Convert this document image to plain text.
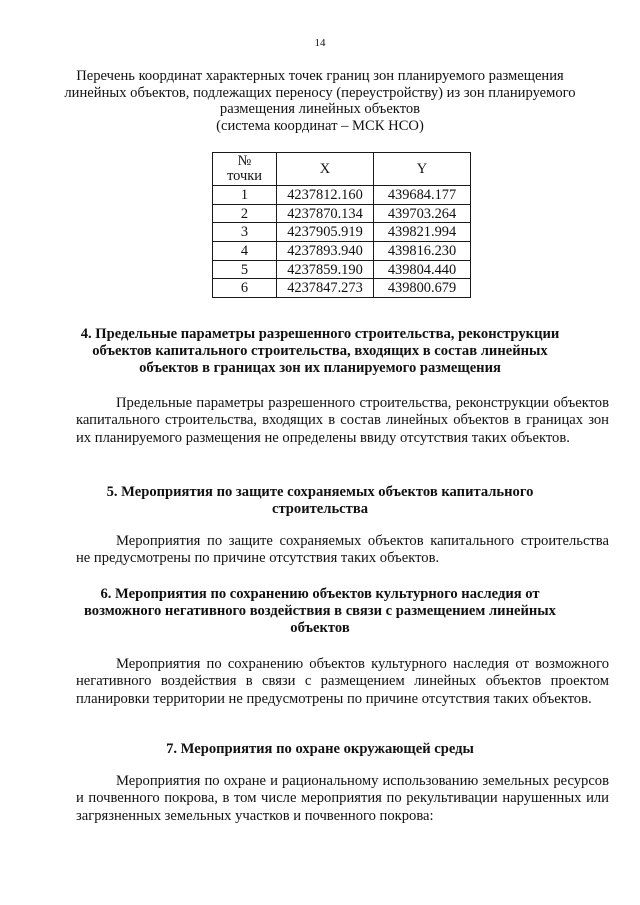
14
Перечень координат характерных точек границ зон планируемого размещения
линейных объектов, подлежащих переносу (переустройству) из зон планируемого
размещения линейных объектов
(система координат – МСК НСО)
№
точки	X	Y
1	4237812.160	439684.177
2	4237870.134	439703.264
3	4237905.919	439821.994
4	4237893.940	439816.230
5	4237859.190	439804.440
6	4237847.273	439800.679
4. Предельные параметры разрешенного строительства, реконструкции
объектов капитального строительства, входящих в состав линейных
объектов в границах зон их планируемого размещения

Предельные параметры разрешенного строительства, реконструкции объектов капитального строительства, входящих в состав линейных объектов в границах зон их планируемого размещения не определены ввиду отсутствия таких объектов.

5. Мероприятия по защите сохраняемых объектов капитального
строительства

Мероприятия по защите сохраняемых объектов капитального строительства не предусмотрены по причине отсутствия таких объектов.

6. Мероприятия по сохранению объектов культурного наследия от
возможного негативного воздействия в связи с размещением линейных
объектов

Мероприятия по сохранению объектов культурного наследия от возможного негативного воздействия в связи с размещением линейных объектов проектом планировки территории не предусмотрены по причине отсутствия таких объектов.

7. Мероприятия по охране окружающей среды

Мероприятия по охране и рациональному использованию земельных ресурсов и почвенного покрова, в том числе мероприятия по рекультивации нарушенных или загрязненных земельных участков и почвенного покрова:
